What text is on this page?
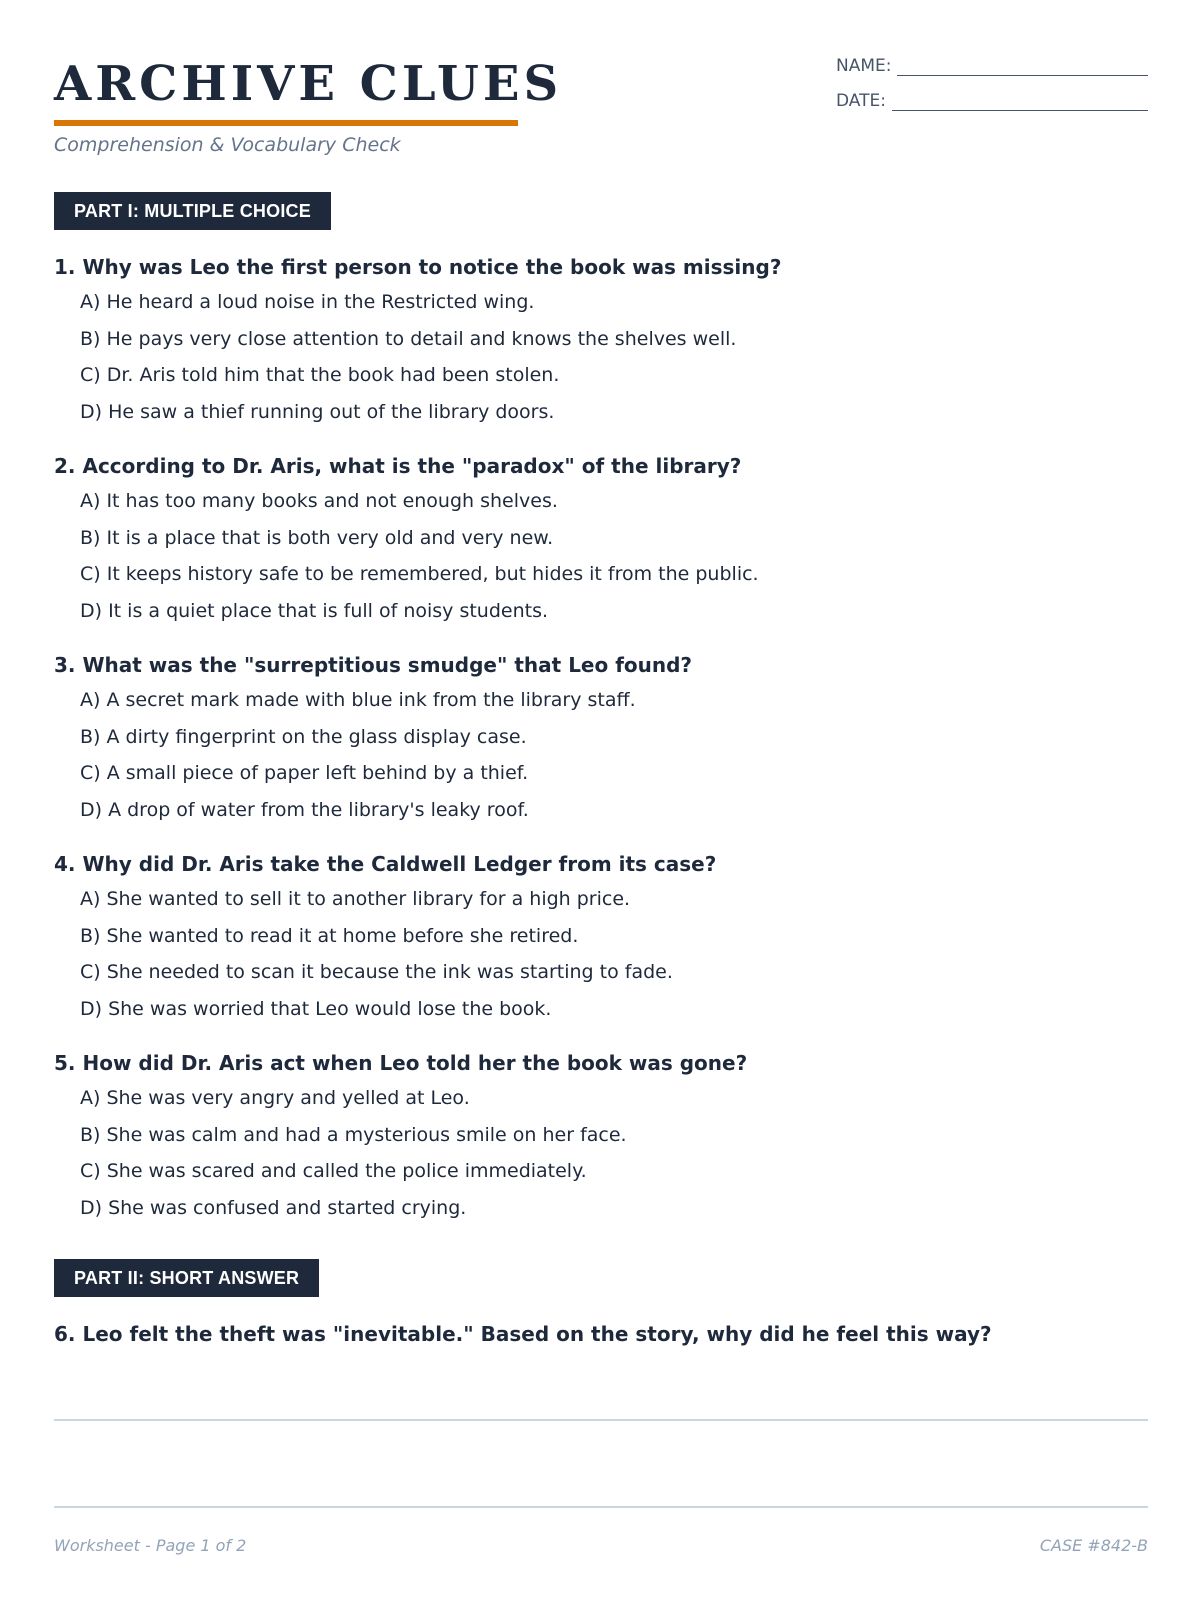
ARCHIVE CLUES
Comprehension & Vocabulary Check
NAME:
DATE:
PART I: MULTIPLE CHOICE
1. Why was Leo the first person to notice the book was missing?
A) He heard a loud noise in the Restricted wing.
B) He pays very close attention to detail and knows the shelves well.
C) Dr. Aris told him that the book had been stolen.
D) He saw a thief running out of the library doors.
2. According to Dr. Aris, what is the "paradox" of the library?
A) It has too many books and not enough shelves.
B) It is a place that is both very old and very new.
C) It keeps history safe to be remembered, but hides it from the public.
D) It is a quiet place that is full of noisy students.
3. What was the "surreptitious smudge" that Leo found?
A) A secret mark made with blue ink from the library staff.
B) A dirty fingerprint on the glass display case.
C) A small piece of paper left behind by a thief.
D) A drop of water from the library's leaky roof.
4. Why did Dr. Aris take the Caldwell Ledger from its case?
A) She wanted to sell it to another library for a high price.
B) She wanted to read it at home before she retired.
C) She needed to scan it because the ink was starting to fade.
D) She was worried that Leo would lose the book.
5. How did Dr. Aris act when Leo told her the book was gone?
A) She was very angry and yelled at Leo.
B) She was calm and had a mysterious smile on her face.
C) She was scared and called the police immediately.
D) She was confused and started crying.
PART II: SHORT ANSWER
6. Leo felt the theft was "inevitable." Based on the story, why did he feel this way?
Worksheet - Page 1 of 2	CASE #842-B
